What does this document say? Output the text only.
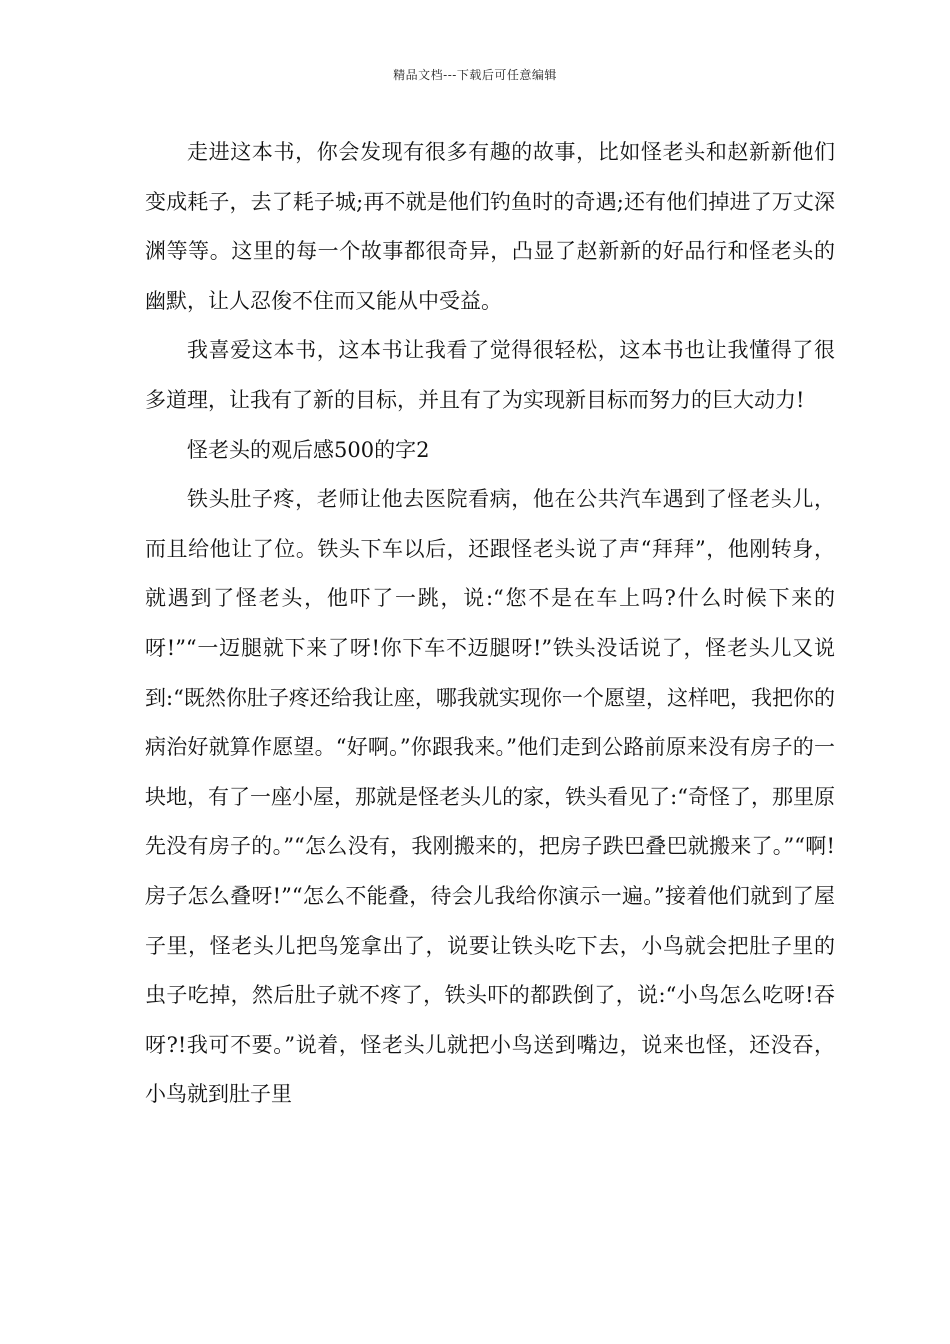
精品文档---下载后可任意编辑

走进这本书，你会发现有很多有趣的故事，比如怪老头和赵新新他们变成耗子，去了耗子城;再不就是他们钓鱼时的奇遇;还有他们掉进了万丈深渊等等。这里的每一个故事都很奇异，凸显了赵新新的好品行和怪老头的幽默，让人忍俊不住而又能从中受益。

我喜爱这本书，这本书让我看了觉得很轻松，这本书也让我懂得了很多道理，让我有了新的目标，并且有了为实现新目标而努力的巨大动力!

怪老头的观后感500的字2

铁头肚子疼，老师让他去医院看病，他在公共汽车遇到了怪老头儿，而且给他让了位。铁头下车以后，还跟怪老头说了声“拜拜”，他刚转身，就遇到了怪老头，他吓了一跳，说:“您不是在车上吗?什么时候下来的呀!”“一迈腿就下来了呀!你下车不迈腿呀!”铁头没话说了，怪老头儿又说到:“既然你肚子疼还给我让座，哪我就实现你一个愿望，这样吧，我把你的病治好就算作愿望。“好啊。”你跟我来。”他们走到公路前原来没有房子的一块地，有了一座小屋，那就是怪老头儿的家，铁头看见了:“奇怪了，那里原先没有房子的。”“怎么没有，我刚搬来的，把房子跌巴叠巴就搬来了。”“啊!房子怎么叠呀!”“怎么不能叠，待会儿我给你演示一遍。”接着他们就到了屋子里，怪老头儿把鸟笼拿出了，说要让铁头吃下去，小鸟就会把肚子里的虫子吃掉，然后肚子就不疼了，铁头吓的都跌倒了，说:“小鸟怎么吃呀!吞呀?!我可不要。”说着，怪老头儿就把小鸟送到嘴边，说来也怪，还没吞，小鸟就到肚子里
